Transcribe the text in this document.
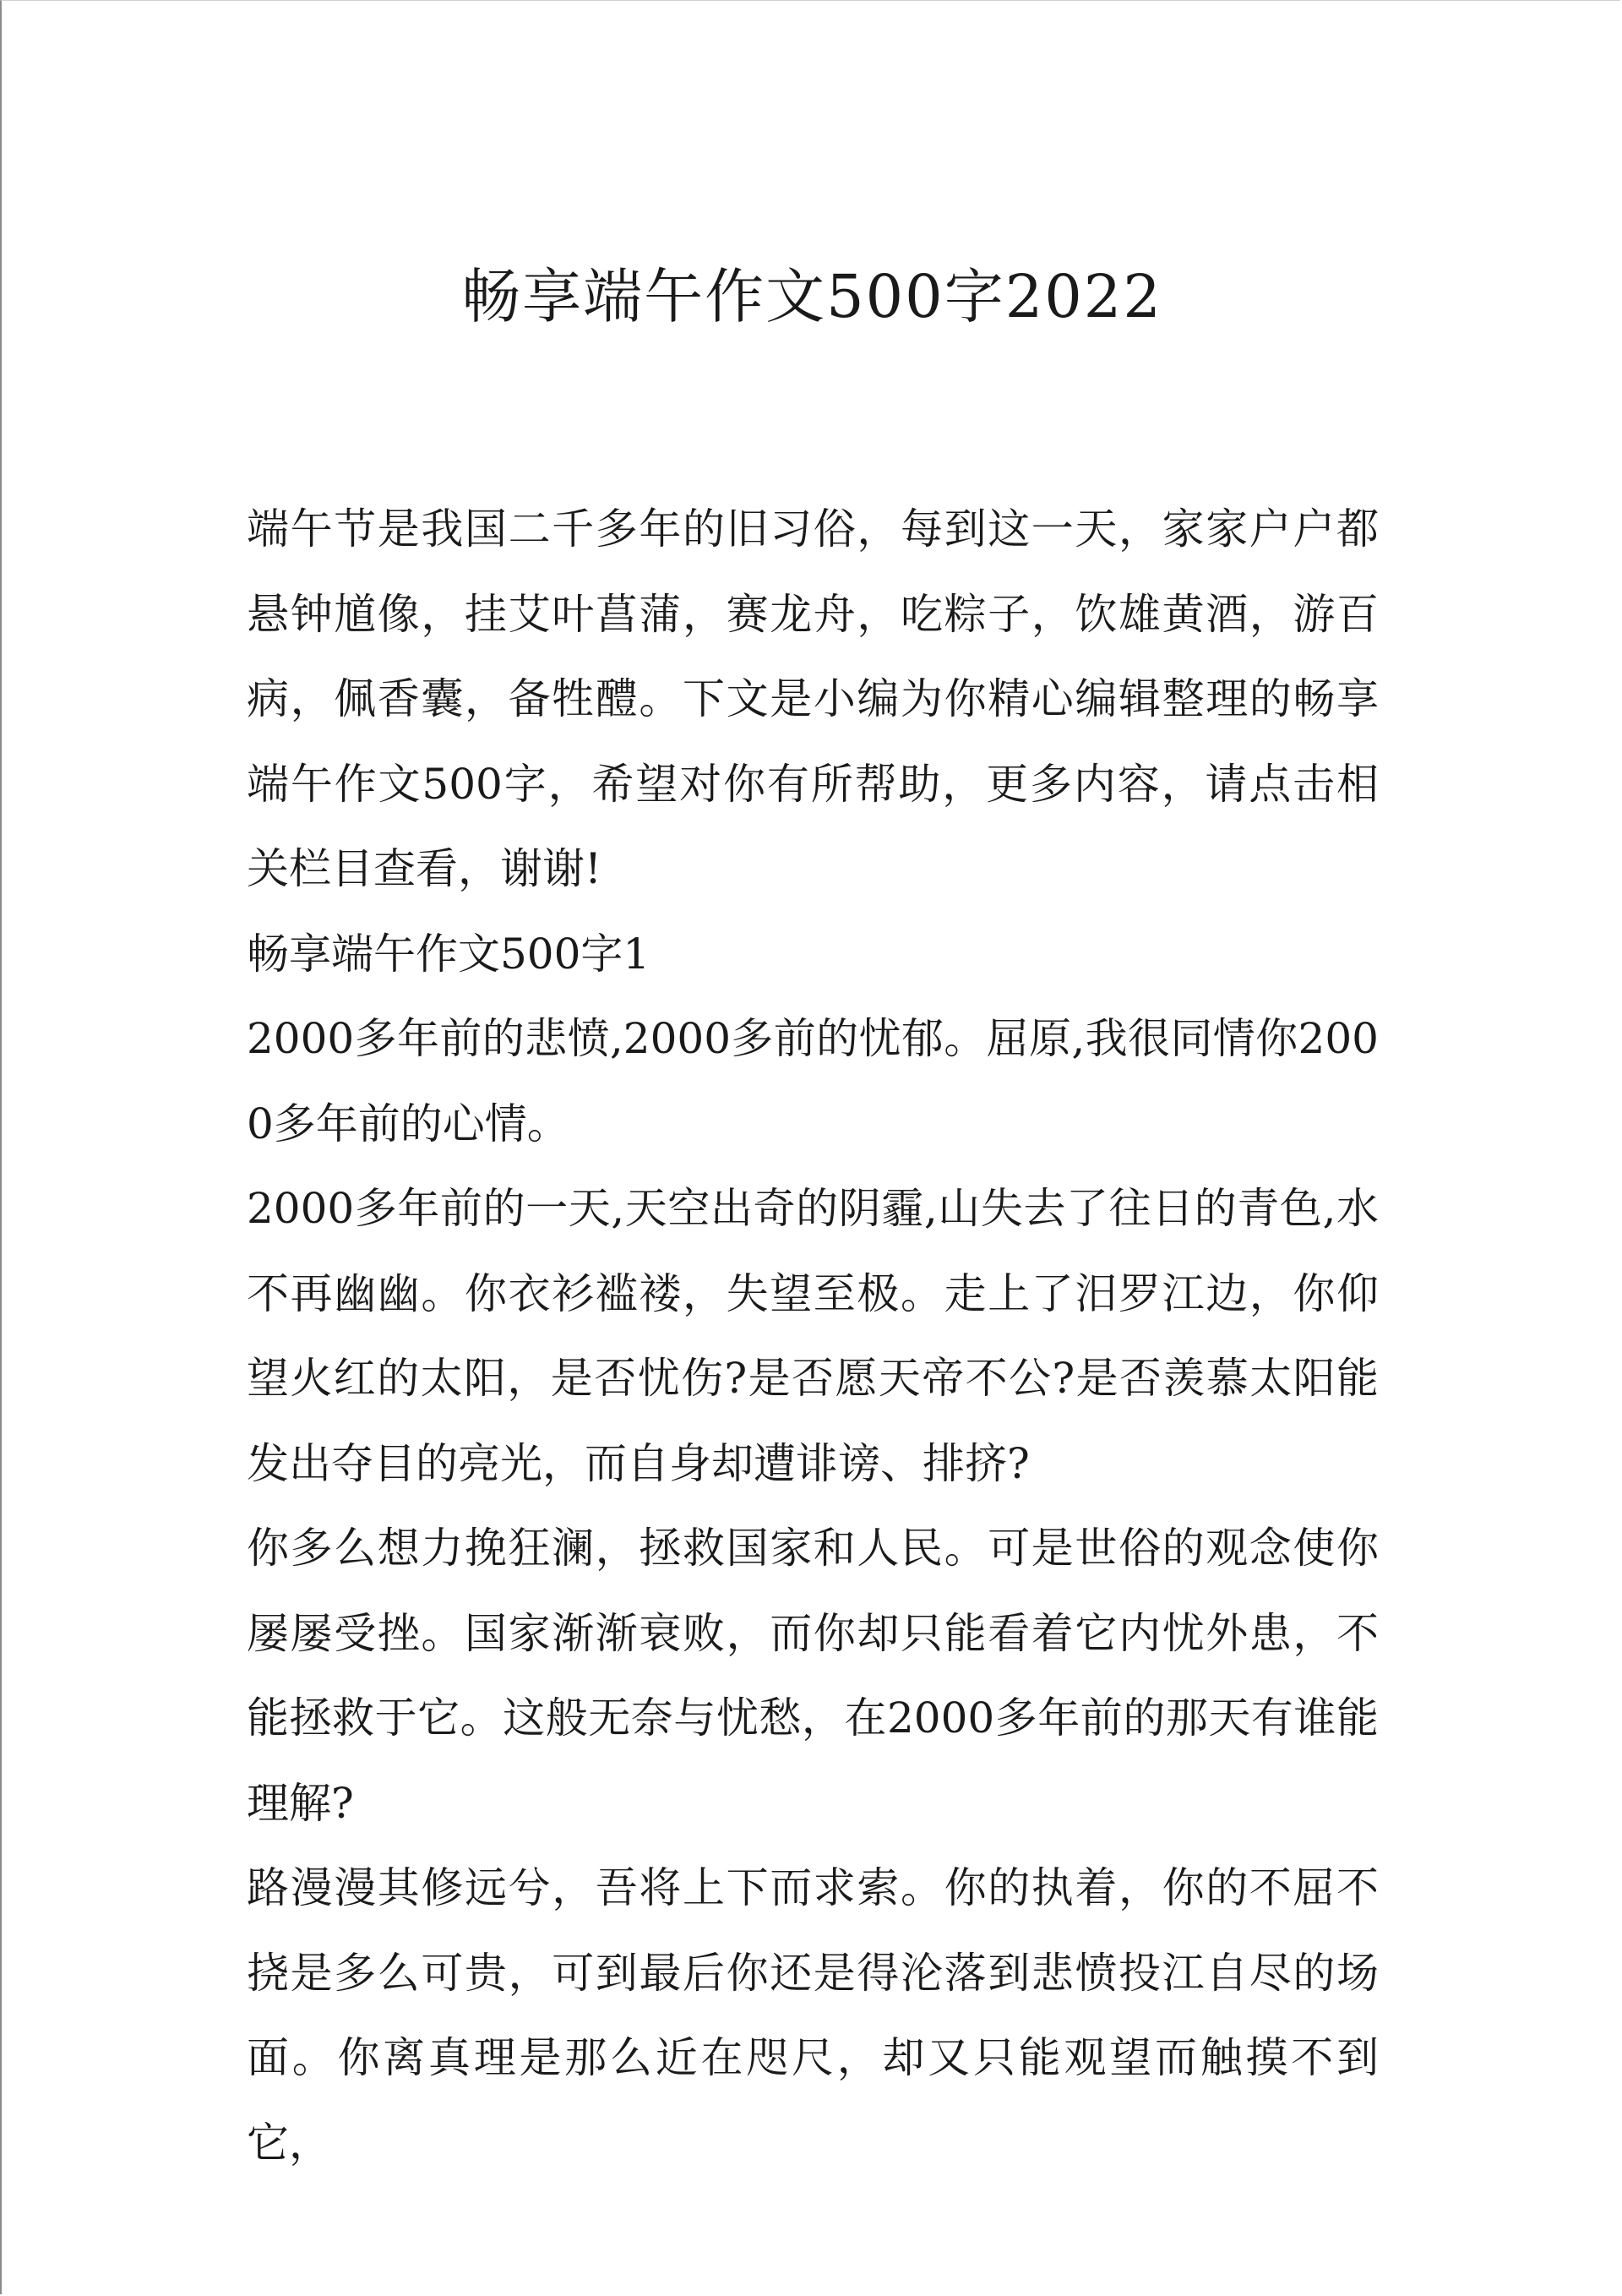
畅享端午作文500字2022

端午节是我国二千多年的旧习俗，每到这一天，家家户户都悬钟馗像，挂艾叶菖蒲，赛龙舟，吃粽子，饮雄黄酒，游百病，佩香囊，备牲醴。下文是小编为你精心编辑整理的畅享端午作文500字，希望对你有所帮助，更多内容，请点击相关栏目查看，谢谢!

畅享端午作文500字1

2000多年前的悲愤,2000多前的忧郁。屈原,我很同情你2000多年前的心情。

2000多年前的一天,天空出奇的阴霾,山失去了往日的青色,水不再幽幽。你衣衫褴褛，失望至极。走上了汨罗江边，你仰望火红的太阳，是否忧伤?是否愿天帝不公?是否羡慕太阳能发出夺目的亮光，而自身却遭诽谤、排挤?

你多么想力挽狂澜，拯救国家和人民。可是世俗的观念使你屡屡受挫。国家渐渐衰败，而你却只能看着它内忧外患，不能拯救于它。这般无奈与忧愁，在2000多年前的那天有谁能理解?

路漫漫其修远兮，吾将上下而求索。你的执着，你的不屈不挠是多么可贵，可到最后你还是得沦落到悲愤投江自尽的场面。你离真理是那么近在咫尺，却又只能观望而触摸不到它，
